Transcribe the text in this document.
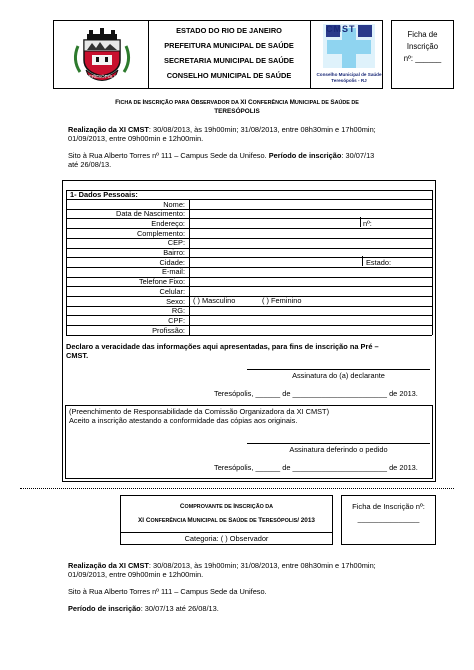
TERESÓPOLIS
ESTADO DO RIO DE JANEIRO
PREFEITURA MUNICIPAL DE SAÚDE
SECRETARIA MUNICIPAL DE SAÚDE
CONSELHO MUNICIPAL DE SAÚDE
CMST
Conselho Municipal de Saúde
Teresópolis - RJ
Ficha de
Inscrição
nº: ______
FICHA DE INSCRIÇÃO PARA OBSERVADOR DA XI CONFERÊNCIA MUNICIPAL DE SAÚDE DE
TERESÓPOLIS
Realização da XI CMST: 30/08/2013, às 19h00min; 31/08/2013, entre 08h30min e 17h00min;
01/09/2013, entre 09h00min e 12h00min.
Sito à Rua Alberto Torres nº 111 – Campus Sede da Unifeso. Período de inscrição: 30/07/13
até 26/08/13.
1- Dados Pessoais:
Nome:
Data de Nascimento:
Endereço:
Complemento:
CEP:
Bairro:
Cidade:
E-mail:
Telefone Fixo:
Celular:
Sexo:
RG:
CPF:
Profissão:
nº:
Estado:
( ) Masculino	( ) Feminino
Declaro a veracidade das informações aqui apresentadas, para fins de inscrição na Pré –
CMST.
Assinatura do (a) declarante
Teresópolis, ______ de _______________________ de 2013.
(Preenchimento de Responsabilidade da Comissão Organizadora da XI CMST)
Aceito a inscrição atestando a conformidade das cópias aos originais.
Assinatura deferindo o pedido
Teresópolis, ______ de _______________________ de 2013.
COMPROVANTE DE INSCRIÇÃO DA
XI CONFERÊNCIA MUNICIPAL DE SAÚDE DE TERESÓPOLIS/ 2013
Categoria: ( ) Observador
Ficha de Inscrição nº:
_______________
Realização da XI CMST: 30/08/2013, às 19h00min; 31/08/2013, entre 08h30min e 17h00min;
01/09/2013, entre 09h00min e 12h00min.
Sito à Rua Alberto Torres nº 111 – Campus Sede da Unifeso.
Período de inscrição: 30/07/13 até 26/08/13.
